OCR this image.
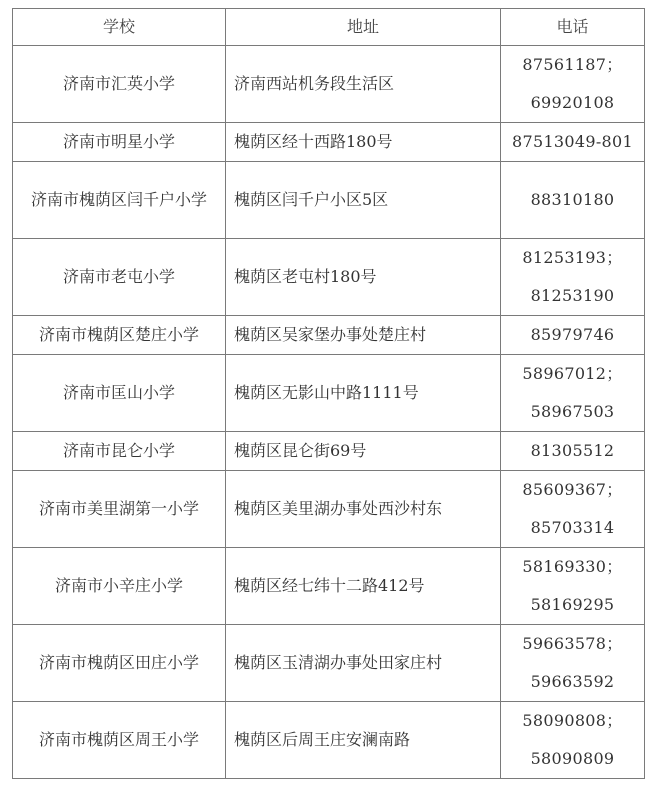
学校	地址	电话
济南市汇英小学	济南西站机务段生活区	87561187；
69920108

济南市明星小学	槐荫区经十西路180号	87513049-801

济南市槐荫区闫千户小学	槐荫区闫千户小区5区	88310180

济南市老屯小学	槐荫区老屯村180号	81253193；
81253190

济南市槐荫区楚庄小学	槐荫区吴家堡办事处楚庄村	85979746

济南市匡山小学	槐荫区无影山中路1111号	58967012；
58967503

济南市昆仑小学	槐荫区昆仑街69号	81305512

济南市美里湖第一小学	槐荫区美里湖办事处西沙村东	85609367；
85703314

济南市小辛庄小学	槐荫区经七纬十二路412号	58169330；
58169295

济南市槐荫区田庄小学	槐荫区玉清湖办事处田家庄村	59663578；
59663592

济南市槐荫区周王小学	槐荫区后周王庄安澜南路	58090808；
58090809
